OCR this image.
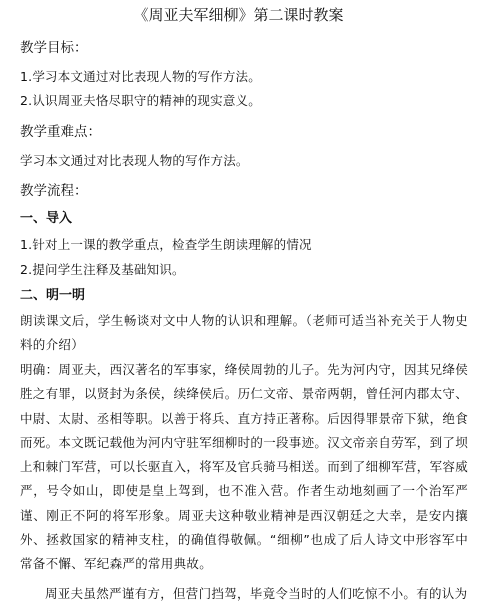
《周亚夫军细柳》第二课时教案
教学目标：
1.学习本文通过对比表现人物的写作方法。
2.认识周亚夫恪尽职守的精神的现实意义。
教学重难点：
学习本文通过对比表现人物的写作方法。
教学流程：
一、导入
1.针对上一课的教学重点，检查学生朗读理解的情况
2.提问学生注释及基础知识。
二、明一明
朗读课文后，学生畅谈对文中人物的认识和理解。（老师可适当补充关于人物史料的介绍）
明确：周亚夫，西汉著名的军事家，绛侯周勃的儿子。先为河内守，因其兄绛侯胜之有罪，以贤封为条侯，续绛侯后。历仁文帝、景帝两朝，曾任河内郡太守、中尉、太尉、丞相等职。以善于将兵、直方持正著称。后因得罪景帝下狱，绝食而死。本文既记载他为河内守驻军细柳时的一段事迹。汉文帝亲自劳军，到了坝上和棘门军营，可以长驱直入，将军及官兵骑马相送。而到了细柳军营，军容威严，号令如山，即使是皇上驾到，也不准入营。作者生动地刻画了一个治军严谨、刚正不阿的将军形象。周亚夫这种敬业精神是西汉朝廷之大幸，是安内攘外、拯救国家的精神支柱，的确值得敬佩。“细柳”也成了后人诗文中形容军中常备不懈、军纪森严的常用典故。
周亚夫虽然严谨有方，但营门挡驾，毕竟令当时的人们吃惊不小。有的认为
